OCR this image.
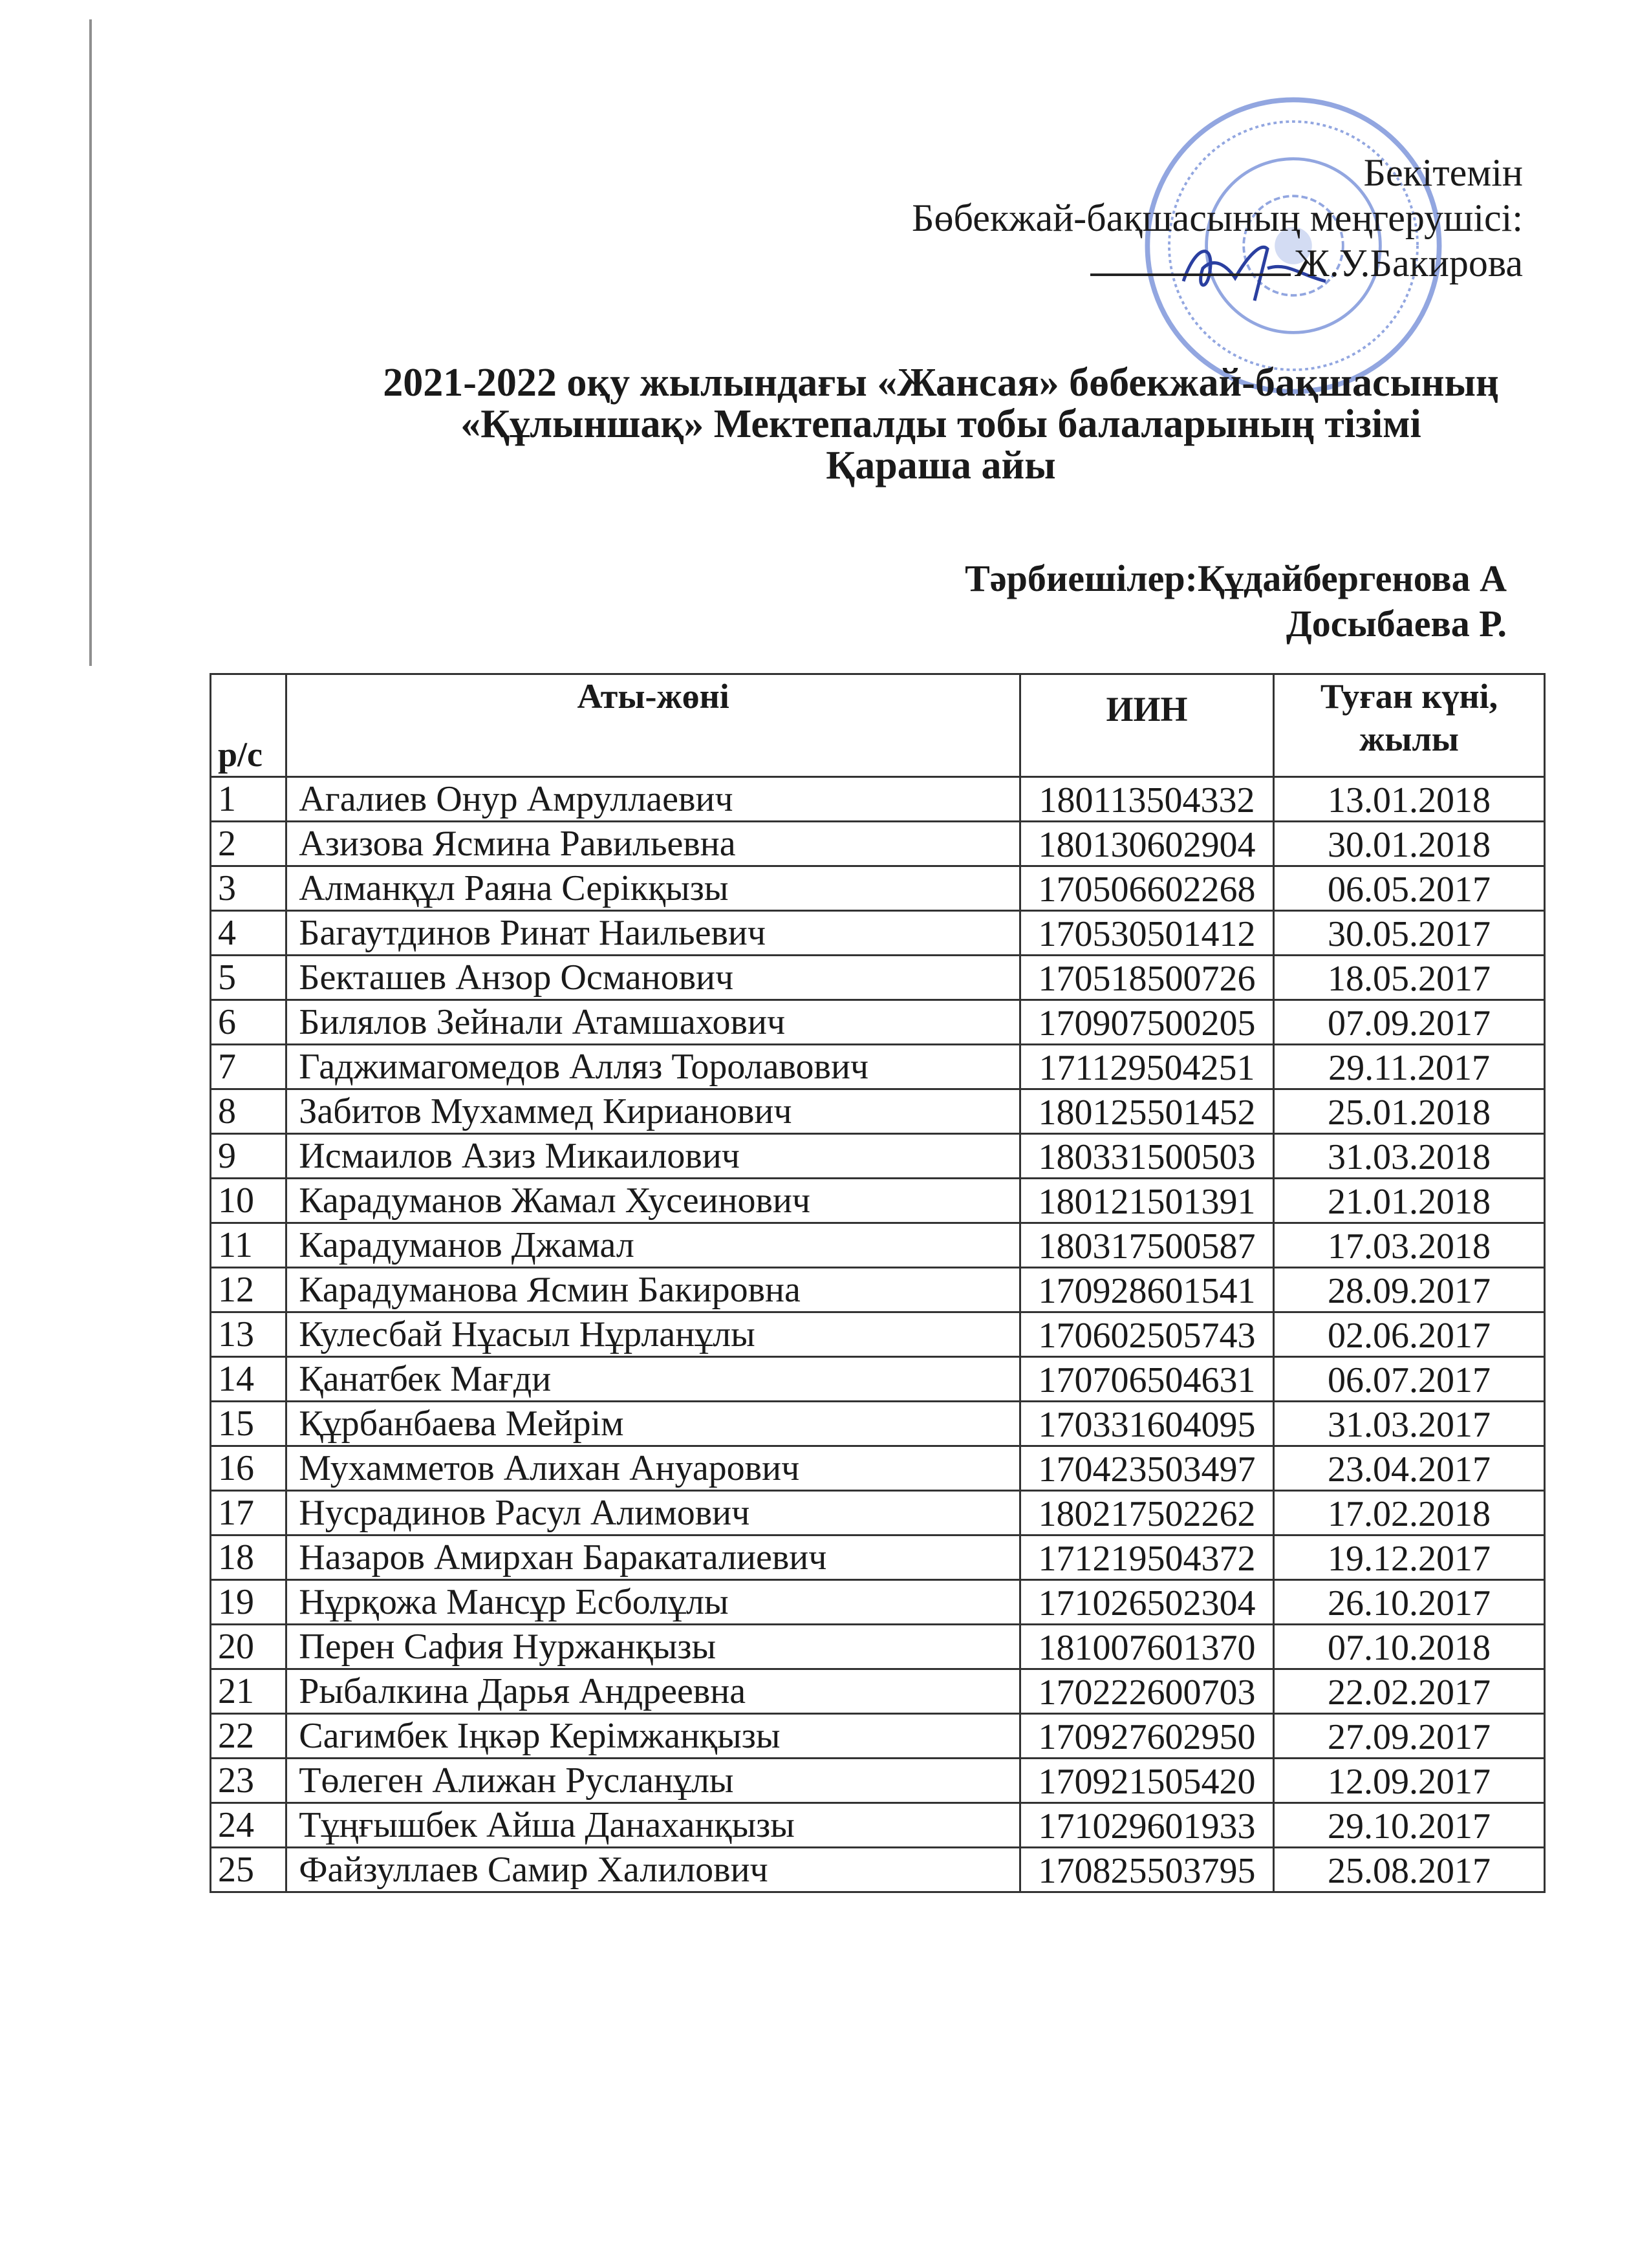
Бекітемін
Бөбекжай-бақшасының меңгерушісі:
Ж.У.Бакирова
2021-2022 оқу жылындағы «Жансая» бөбекжай-бақшасының
«Құлыншақ» Мектепалды тобы балаларының тізімі
Қараша айы
Тәрбиешілер:Құдайбергенова А
Досыбаева Р.
р/с	Аты-жөні	ИИН	Туған күні, жылы
1	Агалиев Онур Амруллаевич	180113504332	13.01.2018
2	Азизова Ясмина Равильевна	180130602904	30.01.2018
3	Алманқұл Раяна Серікқызы	170506602268	06.05.2017
4	Багаутдинов Ринат Наильевич	170530501412	30.05.2017
5	Бекташев Анзор Османович	170518500726	18.05.2017
6	Билялов Зейнали Атамшахович	170907500205	07.09.2017
7	Гаджимагомедов Алляз Торолавович	171129504251	29.11.2017
8	Забитов Мухаммед Кирианович	180125501452	25.01.2018
9	Исмаилов Азиз Микаилович	180331500503	31.03.2018
10	Карадуманов Жамал Хусеинович	180121501391	21.01.2018
11	Карадуманов Джамал	180317500587	17.03.2018
12	Карадуманова Ясмин Бакировна	170928601541	28.09.2017
13	Кулесбай Нұасыл Нұрланұлы	170602505743	02.06.2017
14	Қанатбек Мағди	170706504631	06.07.2017
15	Құрбанбаева Мейрім	170331604095	31.03.2017
16	Мухамметов Алихан Ануарович	170423503497	23.04.2017
17	Нусрадинов Расул Алимович	180217502262	17.02.2018
18	Назаров Амирхан Баракаталиевич	171219504372	19.12.2017
19	Нұрқожа Мансұр Есболұлы	171026502304	26.10.2017
20	Перен Сафия Нуржанқызы	181007601370	07.10.2018
21	Рыбалкина Дарья Андреевна	170222600703	22.02.2017
22	Сагимбек Іңкәр Керімжанқызы	170927602950	27.09.2017
23	Төлеген Алижан Русланұлы	170921505420	12.09.2017
24	Тұңғышбек Айша Данаханқызы	171029601933	29.10.2017
25	Файзуллаев Самир Халилович	170825503795	25.08.2017
